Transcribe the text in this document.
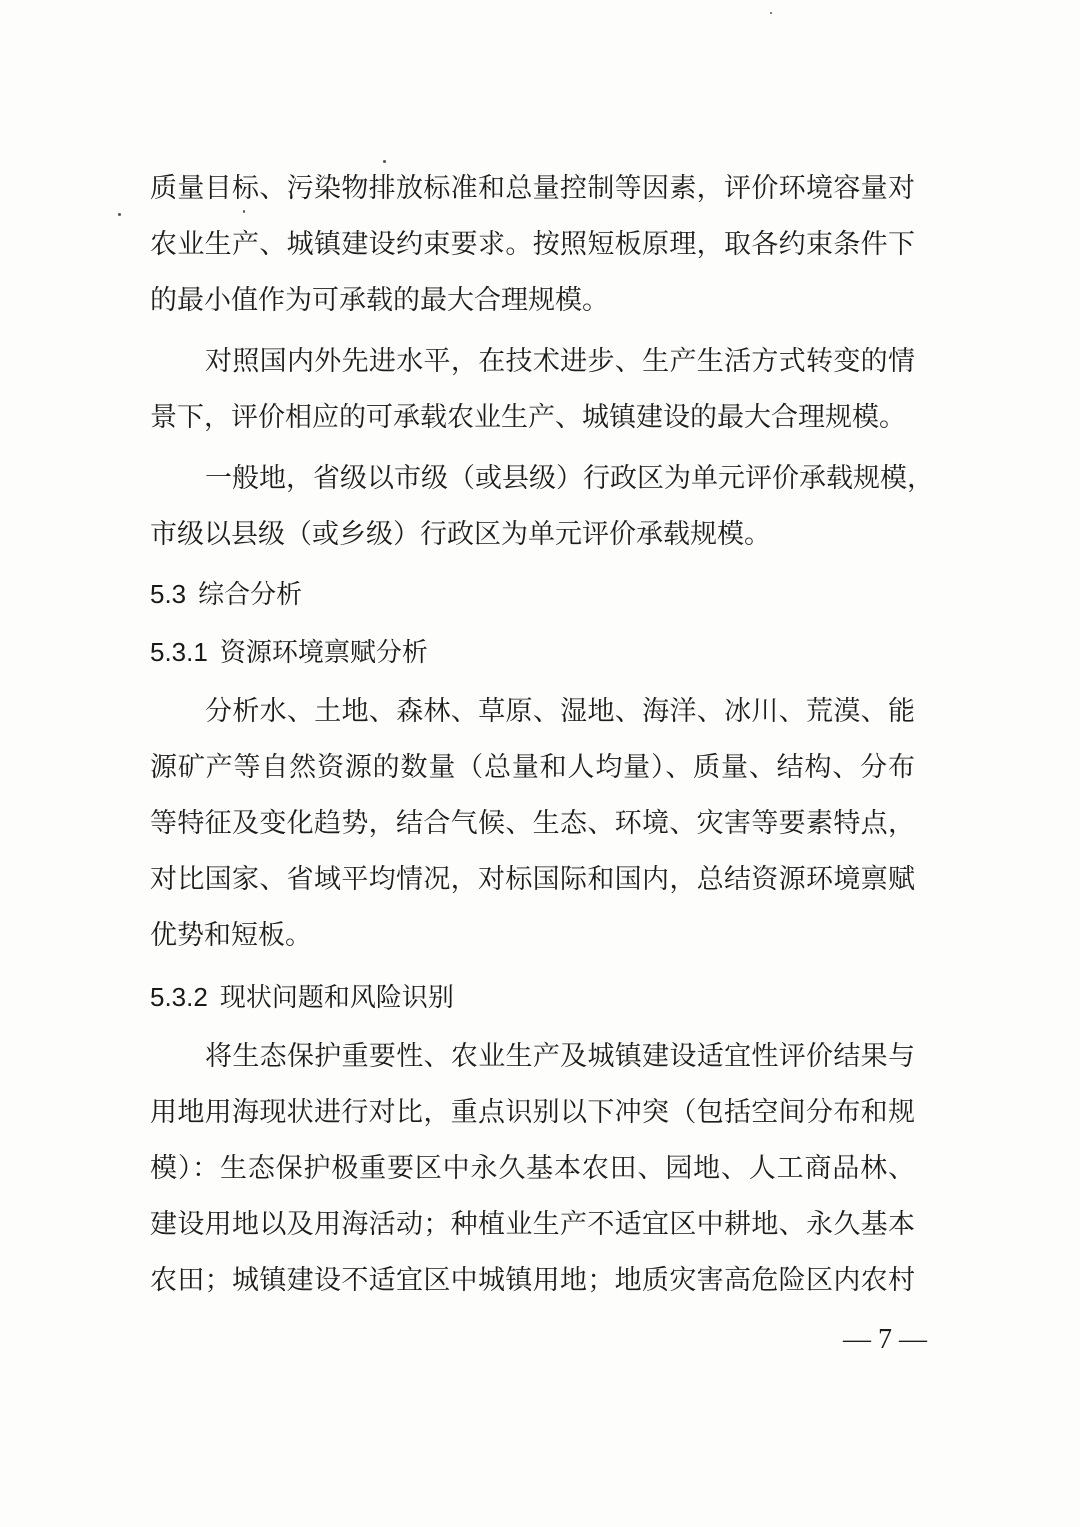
质量目标、污染物排放标准和总量控制等因素，评价环境容量对
农业生产、城镇建设约束要求。按照短板原理，取各约束条件下
的最小值作为可承载的最大合理规模。
对照国内外先进水平，在技术进步、生产生活方式转变的情
景下，评价相应的可承载农业生产、城镇建设的最大合理规模。
一般地，省级以市级（或县级）行政区为单元评价承载规模，
市级以县级（或乡级）行政区为单元评价承载规模。
5.3 综合分析
5.3.1 资源环境禀赋分析
分析水、土地、森林、草原、湿地、海洋、冰川、荒漠、能
源矿产等自然资源的数量（总量和人均量）、质量、结构、分布
等特征及变化趋势，结合气候、生态、环境、灾害等要素特点，
对比国家、省域平均情况，对标国际和国内，总结资源环境禀赋
优势和短板。
5.3.2 现状问题和风险识别
将生态保护重要性、农业生产及城镇建设适宜性评价结果与
用地用海现状进行对比，重点识别以下冲突（包括空间分布和规
模）：生态保护极重要区中永久基本农田、园地、人工商品林、
建设用地以及用海活动；种植业生产不适宜区中耕地、永久基本
农田；城镇建设不适宜区中城镇用地；地质灾害高危险区内农村
— 7 —
